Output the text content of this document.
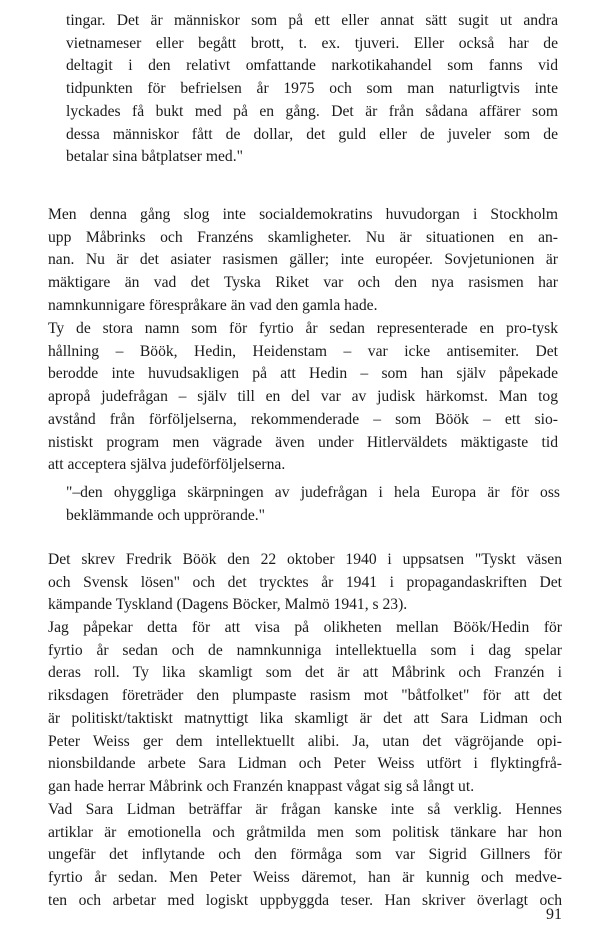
tingar. Det är människor som på ett eller annat sätt sugit ut andra
vietnameser eller begått brott, t. ex. tjuveri. Eller också har de
deltagit i den relativt omfattande narkotikahandel som fanns vid
tidpunkten för befrielsen år 1975 och som man naturligtvis inte
lyckades få bukt med på en gång. Det är från sådana affärer som
dessa människor fått de dollar, det guld eller de juveler som de
betalar sina båtplatser med."
Men denna gång slog inte socialdemokratins huvudorgan i Stockholm
upp Måbrinks och Franzéns skamligheter. Nu är situationen en an-
nan. Nu är det asiater rasismen gäller; inte européer. Sovjetunionen är
mäktigare än vad det Tyska Riket var och den nya rasismen har
namnkunnigare förespråkare än vad den gamla hade.
Ty de stora namn som för fyrtio år sedan representerade en pro-tysk
hållning – Böök, Hedin, Heidenstam – var icke antisemiter. Det
berodde inte huvudsakligen på att Hedin – som han själv påpekade
apropå judefrågan – själv till en del var av judisk härkomst. Man tog
avstånd från förföljelserna, rekommenderade – som Böök – ett sio-
nistiskt program men vägrade även under Hitlerväldets mäktigaste tid
att acceptera själva judeförföljelserna.
"–den ohyggliga skärpningen av judefrågan i hela Europa är för oss
beklämmande och upprörande."
Det skrev Fredrik Böök den 22 oktober 1940 i uppsatsen "Tyskt väsen
och Svensk lösen" och det trycktes år 1941 i propagandaskriften Det
kämpande Tyskland (Dagens Böcker, Malmö 1941, s 23).
Jag påpekar detta för att visa på olikheten mellan Böök/Hedin för
fyrtio år sedan och de namnkunniga intellektuella som i dag spelar
deras roll. Ty lika skamligt som det är att Måbrink och Franzén i
riksdagen företräder den plumpaste rasism mot "båtfolket" för att det
är politiskt/taktiskt matnyttigt lika skamligt är det att Sara Lidman och
Peter Weiss ger dem intellektuellt alibi. Ja, utan det vägröjande opi-
nionsbildande arbete Sara Lidman och Peter Weiss utfört i flyktingfrå-
gan hade herrar Måbrink och Franzén knappast vågat sig så långt ut.
Vad Sara Lidman beträffar är frågan kanske inte så verklig. Hennes
artiklar är emotionella och gråtmilda men som politisk tänkare har hon
ungefär det inflytande och den förmåga som var Sigrid Gillners för
fyrtio år sedan. Men Peter Weiss däremot, han är kunnig och medve-
ten och arbetar med logiskt uppbyggda teser. Han skriver överlagt och
91
